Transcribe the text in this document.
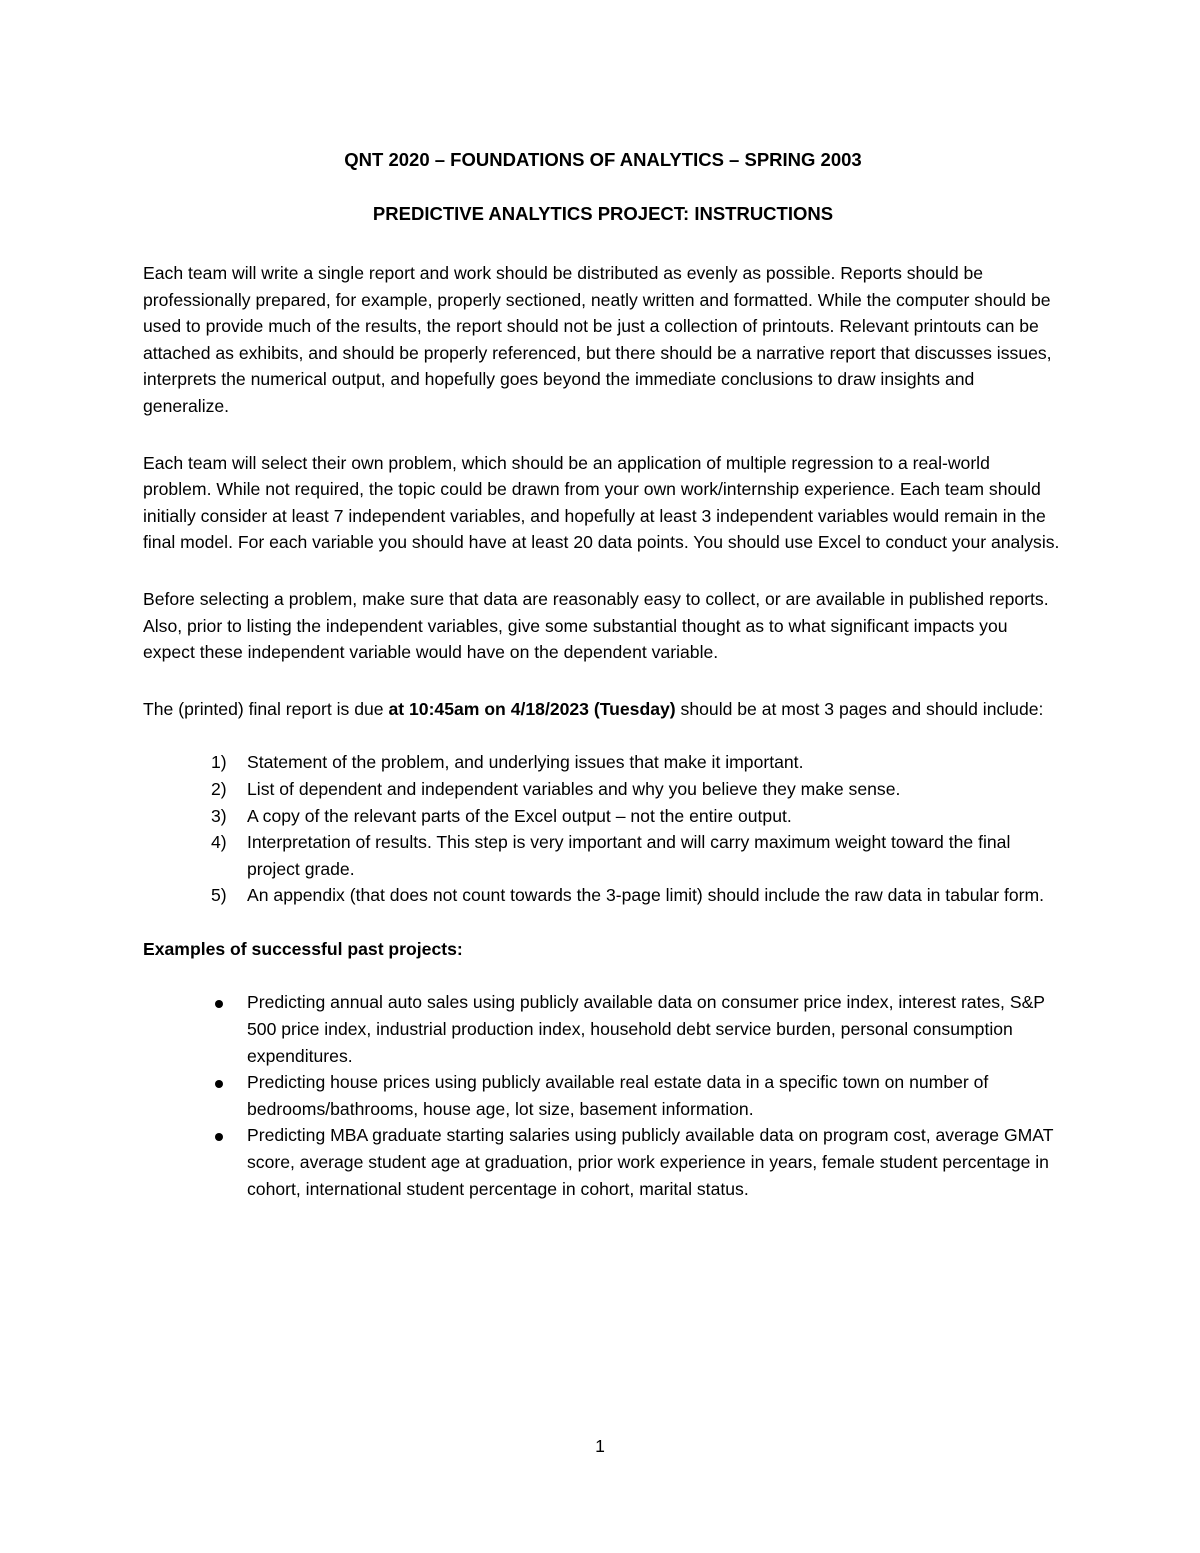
QNT 2020 – FOUNDATIONS OF ANALYTICS – SPRING 2003

PREDICTIVE ANALYTICS PROJECT: INSTRUCTIONS

Each team will write a single report and work should be distributed as evenly as possible. Reports should be professionally prepared, for example, properly sectioned, neatly written and formatted. While the computer should be used to provide much of the results, the report should not be just a collection of printouts. Relevant printouts can be attached as exhibits, and should be properly referenced, but there should be a narrative report that discusses issues, interprets the numerical output, and hopefully goes beyond the immediate conclusions to draw insights and generalize.

Each team will select their own problem, which should be an application of multiple regression to a real-world problem. While not required, the topic could be drawn from your own work/internship experience. Each team should initially consider at least 7 independent variables, and hopefully at least 3 independent variables would remain in the final model. For each variable you should have at least 20 data points. You should use Excel to conduct your analysis.

Before selecting a problem, make sure that data are reasonably easy to collect, or are available in published reports. Also, prior to listing the independent variables, give some substantial thought as to what significant impacts you expect these independent variable would have on the dependent variable.

The (printed) final report is due at 10:45am on 4/18/2023 (Tuesday) should be at most 3 pages and should include:

1) Statement of the problem, and underlying issues that make it important.
2) List of dependent and independent variables and why you believe they make sense.
3) A copy of the relevant parts of the Excel output – not the entire output.
4) Interpretation of results. This step is very important and will carry maximum weight toward the final project grade.
5) An appendix (that does not count towards the 3-page limit) should include the raw data in tabular form.

Examples of successful past projects:

Predicting annual auto sales using publicly available data on consumer price index, interest rates, S&P 500 price index, industrial production index, household debt service burden, personal consumption expenditures.
Predicting house prices using publicly available real estate data in a specific town on number of bedrooms/bathrooms, house age, lot size, basement information.
Predicting MBA graduate starting salaries using publicly available data on program cost, average GMAT score, average student age at graduation, prior work experience in years, female student percentage in cohort, international student percentage in cohort, marital status.
1
